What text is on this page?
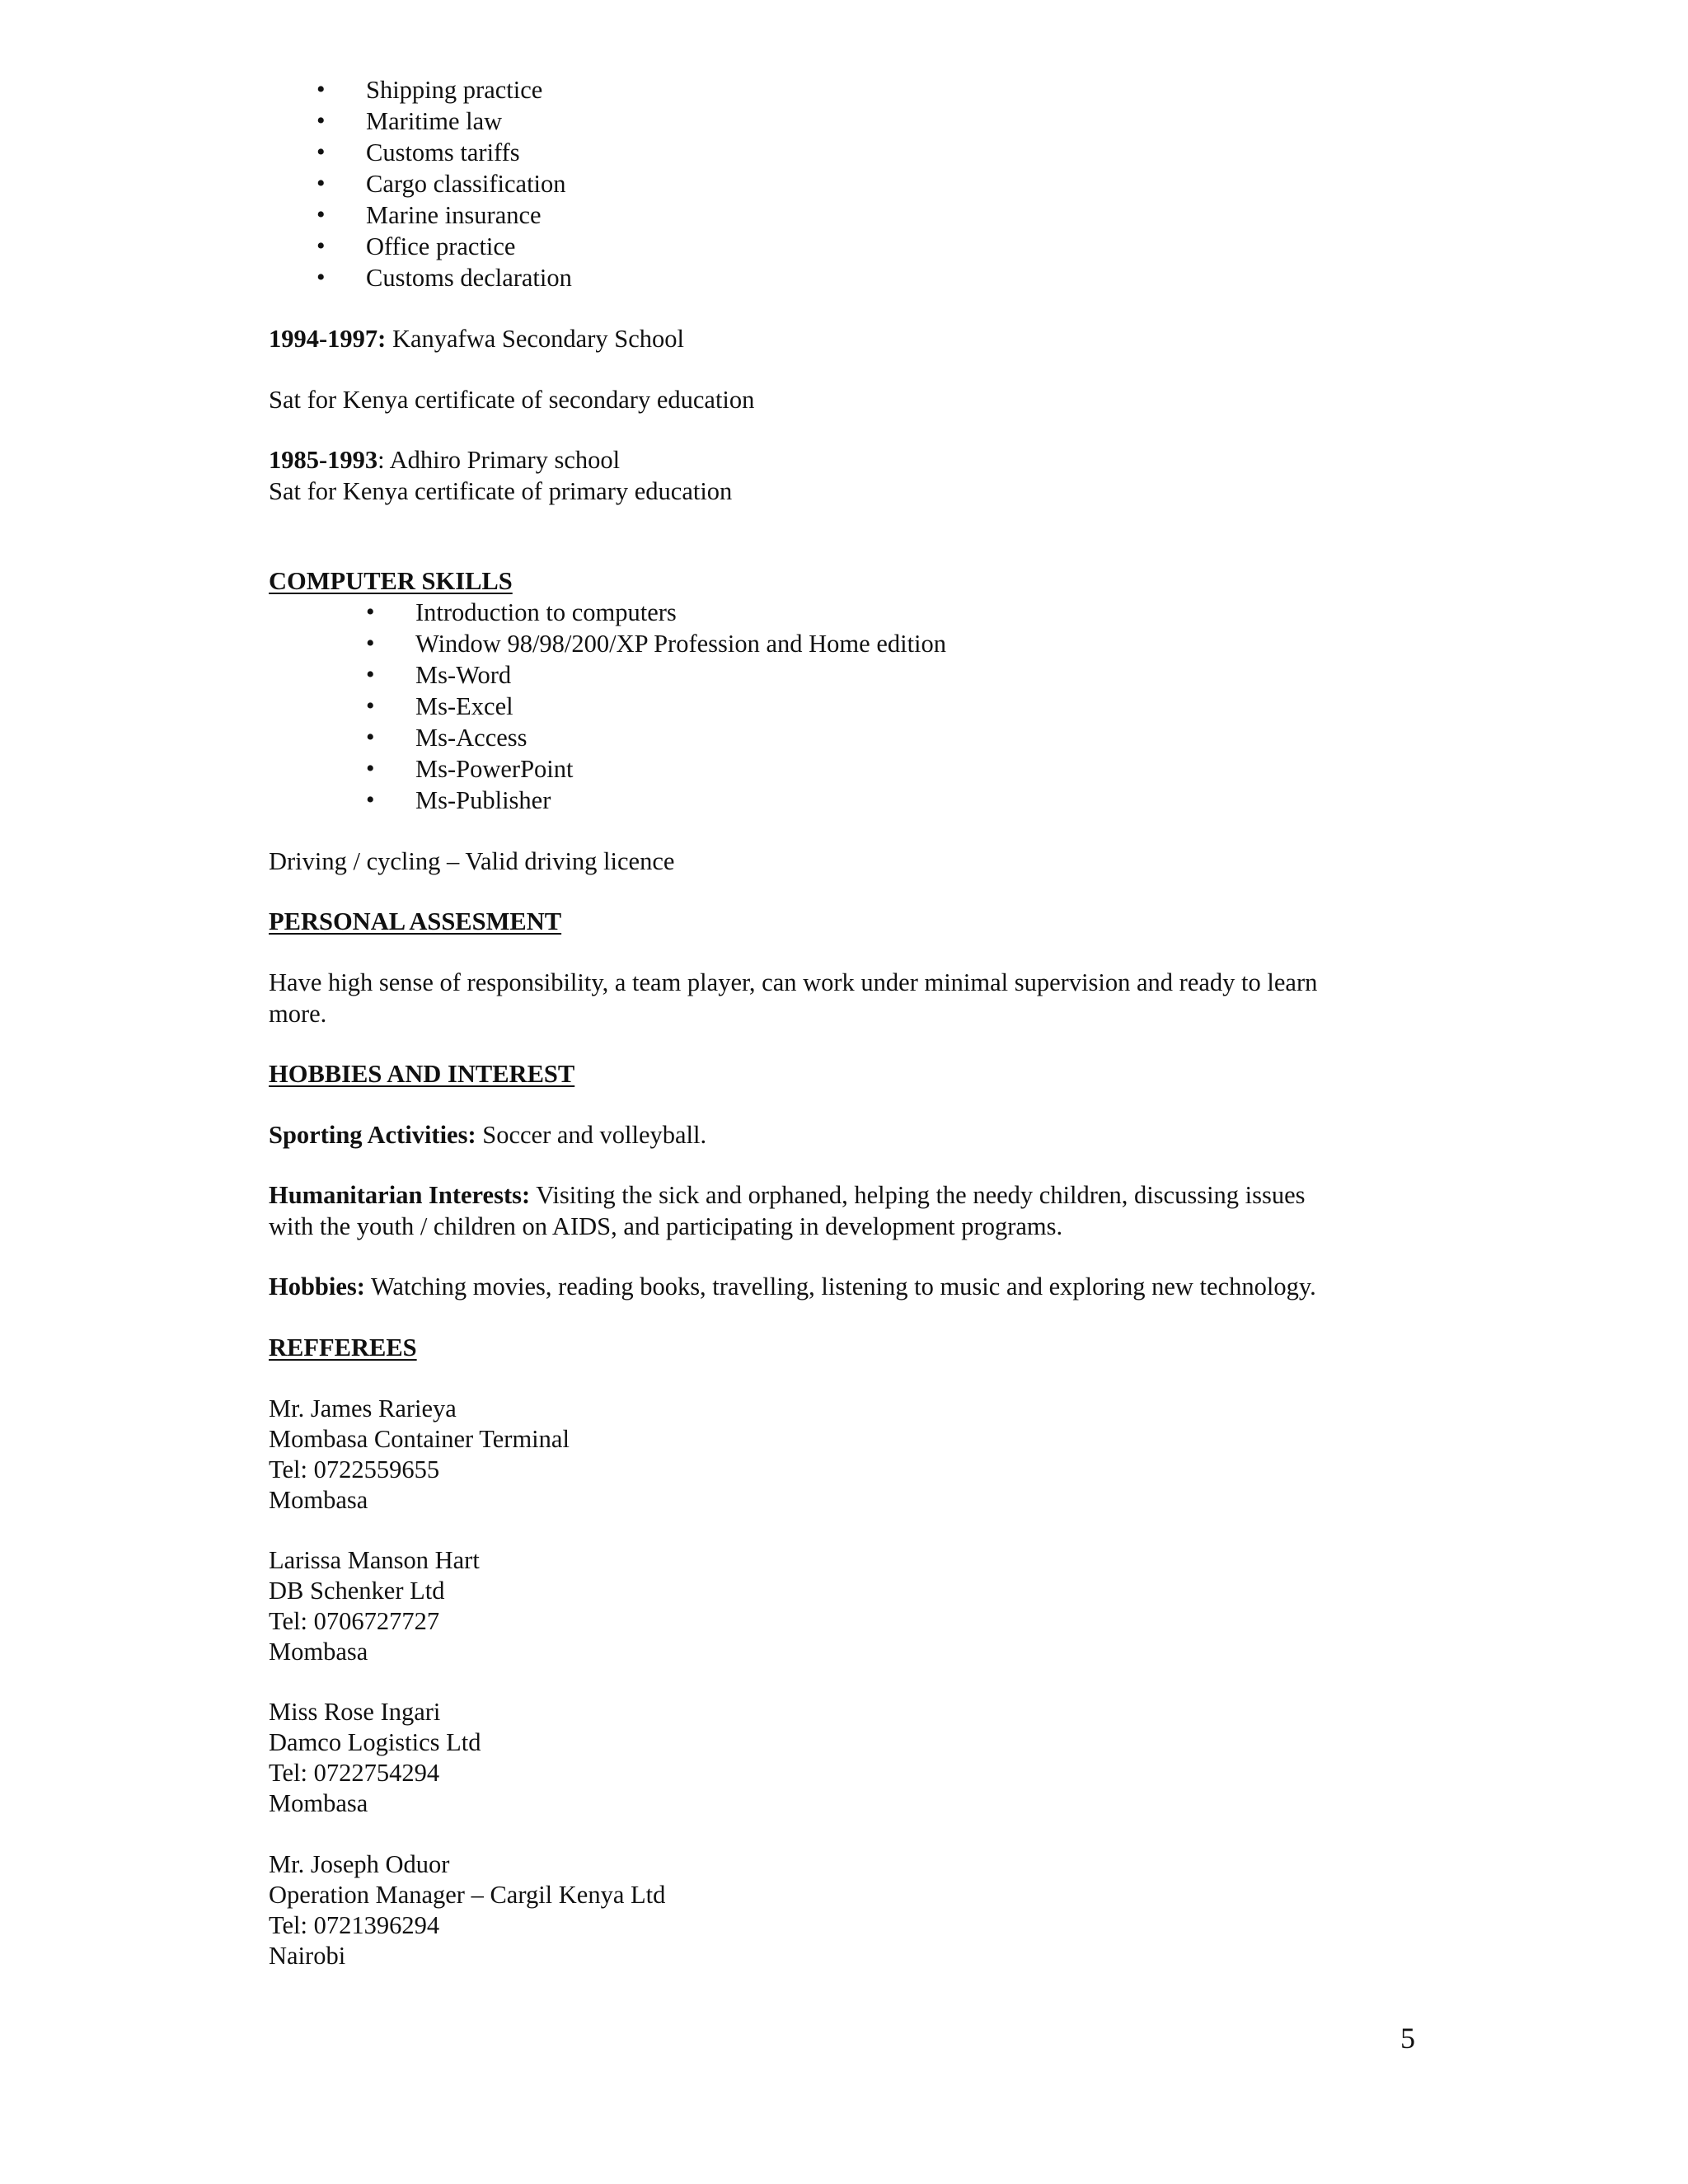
• Shipping practice
• Maritime law
• Customs tariffs
• Cargo classification
• Marine insurance
• Office practice
• Customs declaration
1994-1997: Kanyafwa Secondary School
Sat for Kenya certificate of secondary education
1985-1993: Adhiro Primary school
Sat for Kenya certificate of primary education
COMPUTER SKILLS
• Introduction to computers
• Window 98/98/200/XP Profession and Home edition
• Ms-Word
• Ms-Excel
• Ms-Access
• Ms-PowerPoint
• Ms-Publisher
Driving / cycling – Valid driving licence
PERSONAL ASSESMENT
Have high sense of responsibility, a team player, can work under minimal supervision and ready to learn
more.
HOBBIES AND INTEREST
Sporting Activities: Soccer and volleyball.
Humanitarian Interests: Visiting the sick and orphaned, helping the needy children, discussing issues
with the youth / children on AIDS, and participating in development programs.
Hobbies: Watching movies, reading books, travelling, listening to music and exploring new technology.
REFFEREES
Mr. James Rarieya
Mombasa Container Terminal
Tel: 0722559655
Mombasa
Larissa Manson Hart
DB Schenker Ltd
Tel: 0706727727
Mombasa
Miss Rose Ingari
Damco Logistics Ltd
Tel: 0722754294
Mombasa
Mr. Joseph Oduor
Operation Manager – Cargil Kenya Ltd
Tel: 0721396294
Nairobi
5
